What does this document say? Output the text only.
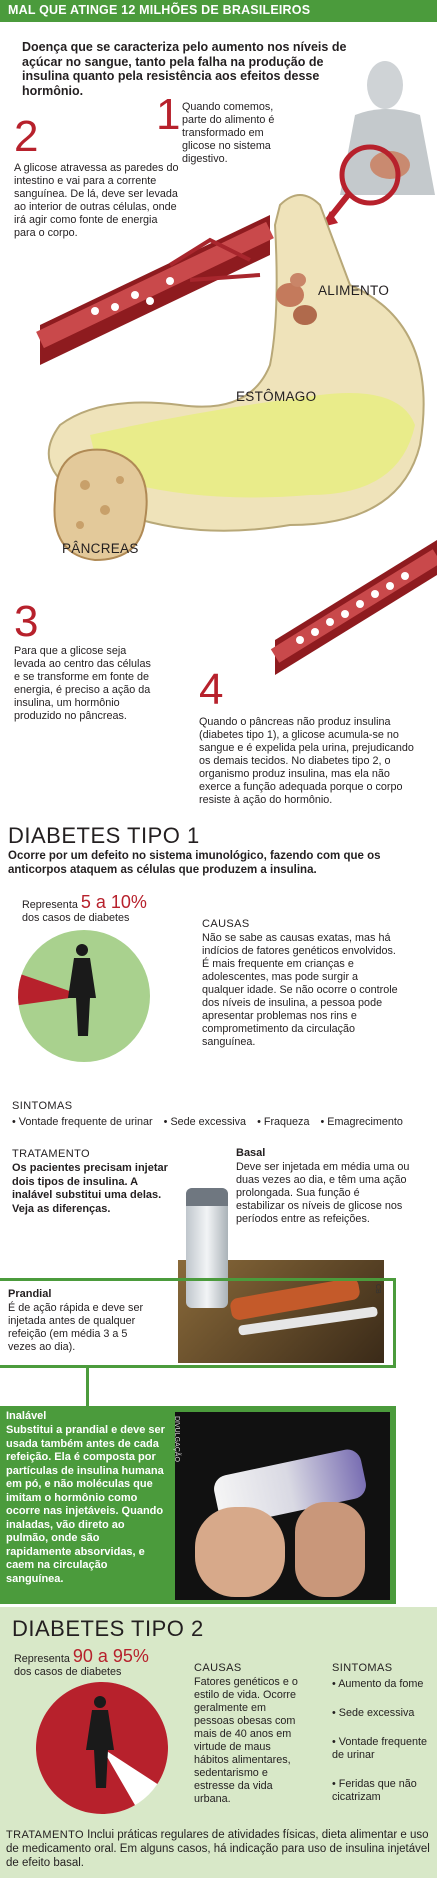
MAL QUE ATINGE 12 MILHÕES DE BRASILEIROS
Doença que se caracteriza pelo aumento nos níveis de açúcar no sangue, tanto pela falha na produção de insulina quanto pela resistência aos efeitos desse hormônio.	1 Quando comemos, parte do alimento é transformado em glicose no sistema digestivo.
2
A glicose atravessa as paredes do intestino e vai para a corrente sanguínea. De lá, deve ser levada ao interior de outras células, onde irá agir como fonte de energia para o corpo.
ALIMENTO
ESTÔMAGO
PÂNCREAS
3
Para que a glicose seja levada ao centro das células e se transforme em fonte de energia, é preciso a ação da insulina, um hormônio produzido no pâncreas.
4
Quando o pâncreas não produz insulina (diabetes tipo 1), a glicose acumula-se no sangue e é expelida pela urina, prejudicando os demais tecidos. No diabetes tipo 2, o organismo produz insulina, mas ela não exerce a função adequada porque o corpo resiste à ação do hormônio.
DIABETES TIPO 1
Ocorre por um defeito no sistema imunológico, fazendo com que os anticorpos ataquem as células que produzem a insulina.
Representa 5 a 10%
dos casos de diabetes	CAUSAS
Não se sabe as causas exatas, mas há indícios de fatores genéticos envolvidos. É mais frequente em crianças e adolescentes, mas pode surgir a qualquer idade. Se não ocorre o controle dos níveis de insulina, a pessoa pode apresentar problemas nos rins e comprometimento da circulação sanguínea.
SINTOMAS
• Vontade frequente de urinar • Sede excessiva • Fraqueza • Emagrecimento
TRATAMENTO
Os pacientes precisam injetar dois tipos de insulina. A inalável substitui uma delas. Veja as diferenças.
Basal
Deve ser injetada em média uma ou duas vezes ao dia, e têm uma ação prolongada. Sua função é estabilizar os níveis de glicose nos períodos entre as refeições.
CB
Prandial
É de ação rápida e deve ser injetada antes de qualquer refeição (em média 3 a 5 vezes ao dia).
Inalável
Substitui a prandial e deve ser usada também antes de cada refeição. Ela é composta por partículas de insulina humana em pó, e não moléculas que imitam o hormônio como ocorre nas injetáveis. Quando inaladas, vão direto ao pulmão, onde são rapidamente absorvidas, e caem na circulação sanguínea.
DIVULGAÇÃO
DIABETES TIPO 2
Representa 90 a 95%
dos casos de diabetes	CAUSAS
Fatores genéticos e o estilo de vida. Ocorre geralmente em pessoas obesas com mais de 40 anos em virtude de maus hábitos alimentares, sedentarismo e estresse da vida urbana.
SINTOMAS
• Aumento da fome
• Sede excessiva
• Vontade frequente de urinar
• Feridas que não cicatrizam
TRATAMENTO Inclui práticas regulares de atividades físicas, dieta alimentar e uso de medicamento oral. Em alguns casos, há indicação para uso de insulina injetável de efeito basal.
